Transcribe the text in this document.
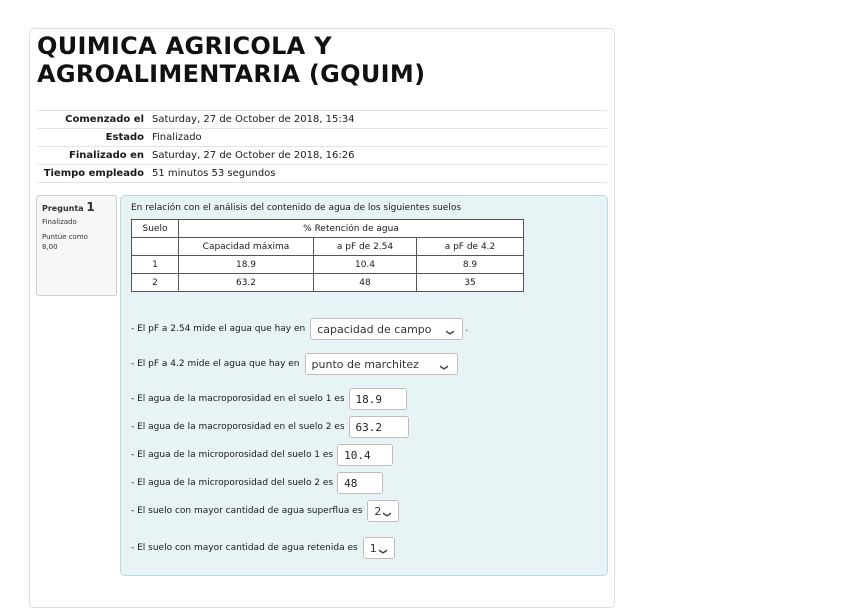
QUIMICA AGRICOLA Y AGROALIMENTARIA (GQUIM)
Comenzado el	Saturday, 27 de October de 2018, 15:34
Estado	Finalizado
Finalizado en	Saturday, 27 de October de 2018, 16:26
Tiempo empleado	51 minutos 53 segundos
Pregunta 1
Finalizado
Puntúe como
8,00
En relación con el análisis del contenido de agua de los siguientes suelos
Suelo	% Retención de agua		
	Capacidad máxima	a pF de 2.54	a pF de 4.2
1	18.9	10.4	8.9
2	63.2	48	35
- El pF a 2.54 mide el agua que hay en capacidad de campo ❯ .
- El pF a 4.2 mide el agua que hay en punto de marchitez	❯
- El agua de la macroporosidad en el suelo 1 es	18.9
- El agua de la macroporosidad en el suelo 2 es	63.2
- El agua de la microporosidad del suelo 1 es	10.4
- El agua de la microporosidad del suelo 2 es	48
- El suelo con mayor cantidad de agua superflua es 2 ❯
- El suelo con mayor cantidad de agua retenida es 1 ❯
